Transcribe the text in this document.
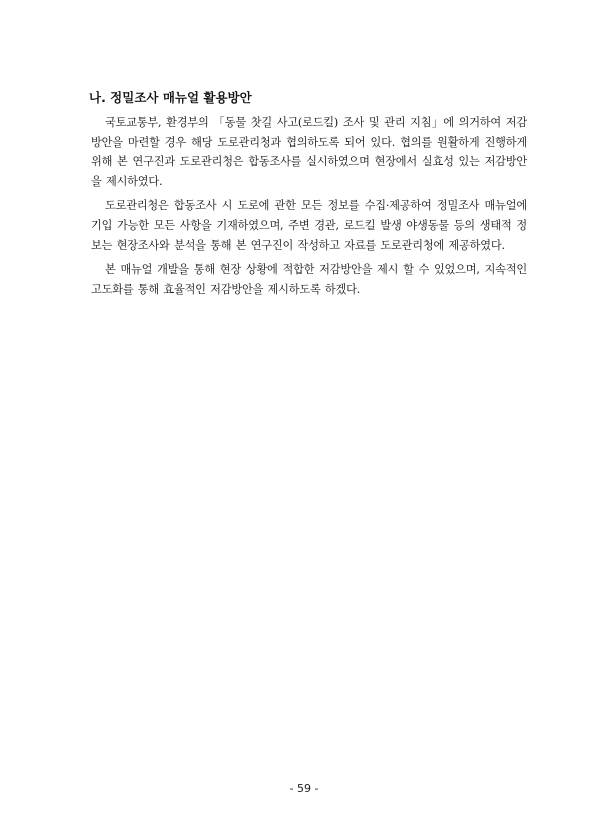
나. 정밀조사 매뉴얼 활용방안

국토교통부, 환경부의 「동물 찻길 사고(로드킬) 조사 및 관리 지침」에 의거하여 저감방안을 마련할 경우 해당 도로관리청과 협의하도록 되어 있다. 협의를 원활하게 진행하게 위해 본 연구진과 도로관리청은 합동조사를 실시하였으며 현장에서 실효성 있는 저감방안을 제시하였다.

도로관리청은 합동조사 시 도로에 관한 모든 정보를 수집·제공하여 정밀조사 매뉴얼에 기입 가능한 모든 사항을 기재하였으며, 주변 경관, 로드킬 발생 야생동물 등의 생태적 정보는 현장조사와 분석을 통해 본 연구진이 작성하고 자료를 도로관리청에 제공하였다.

본 매뉴얼 개발을 통해 현장 상황에 적합한 저감방안을 제시 할 수 있었으며, 지속적인 고도화를 통해 효율적인 저감방안을 제시하도록 하겠다.

- 59 -
